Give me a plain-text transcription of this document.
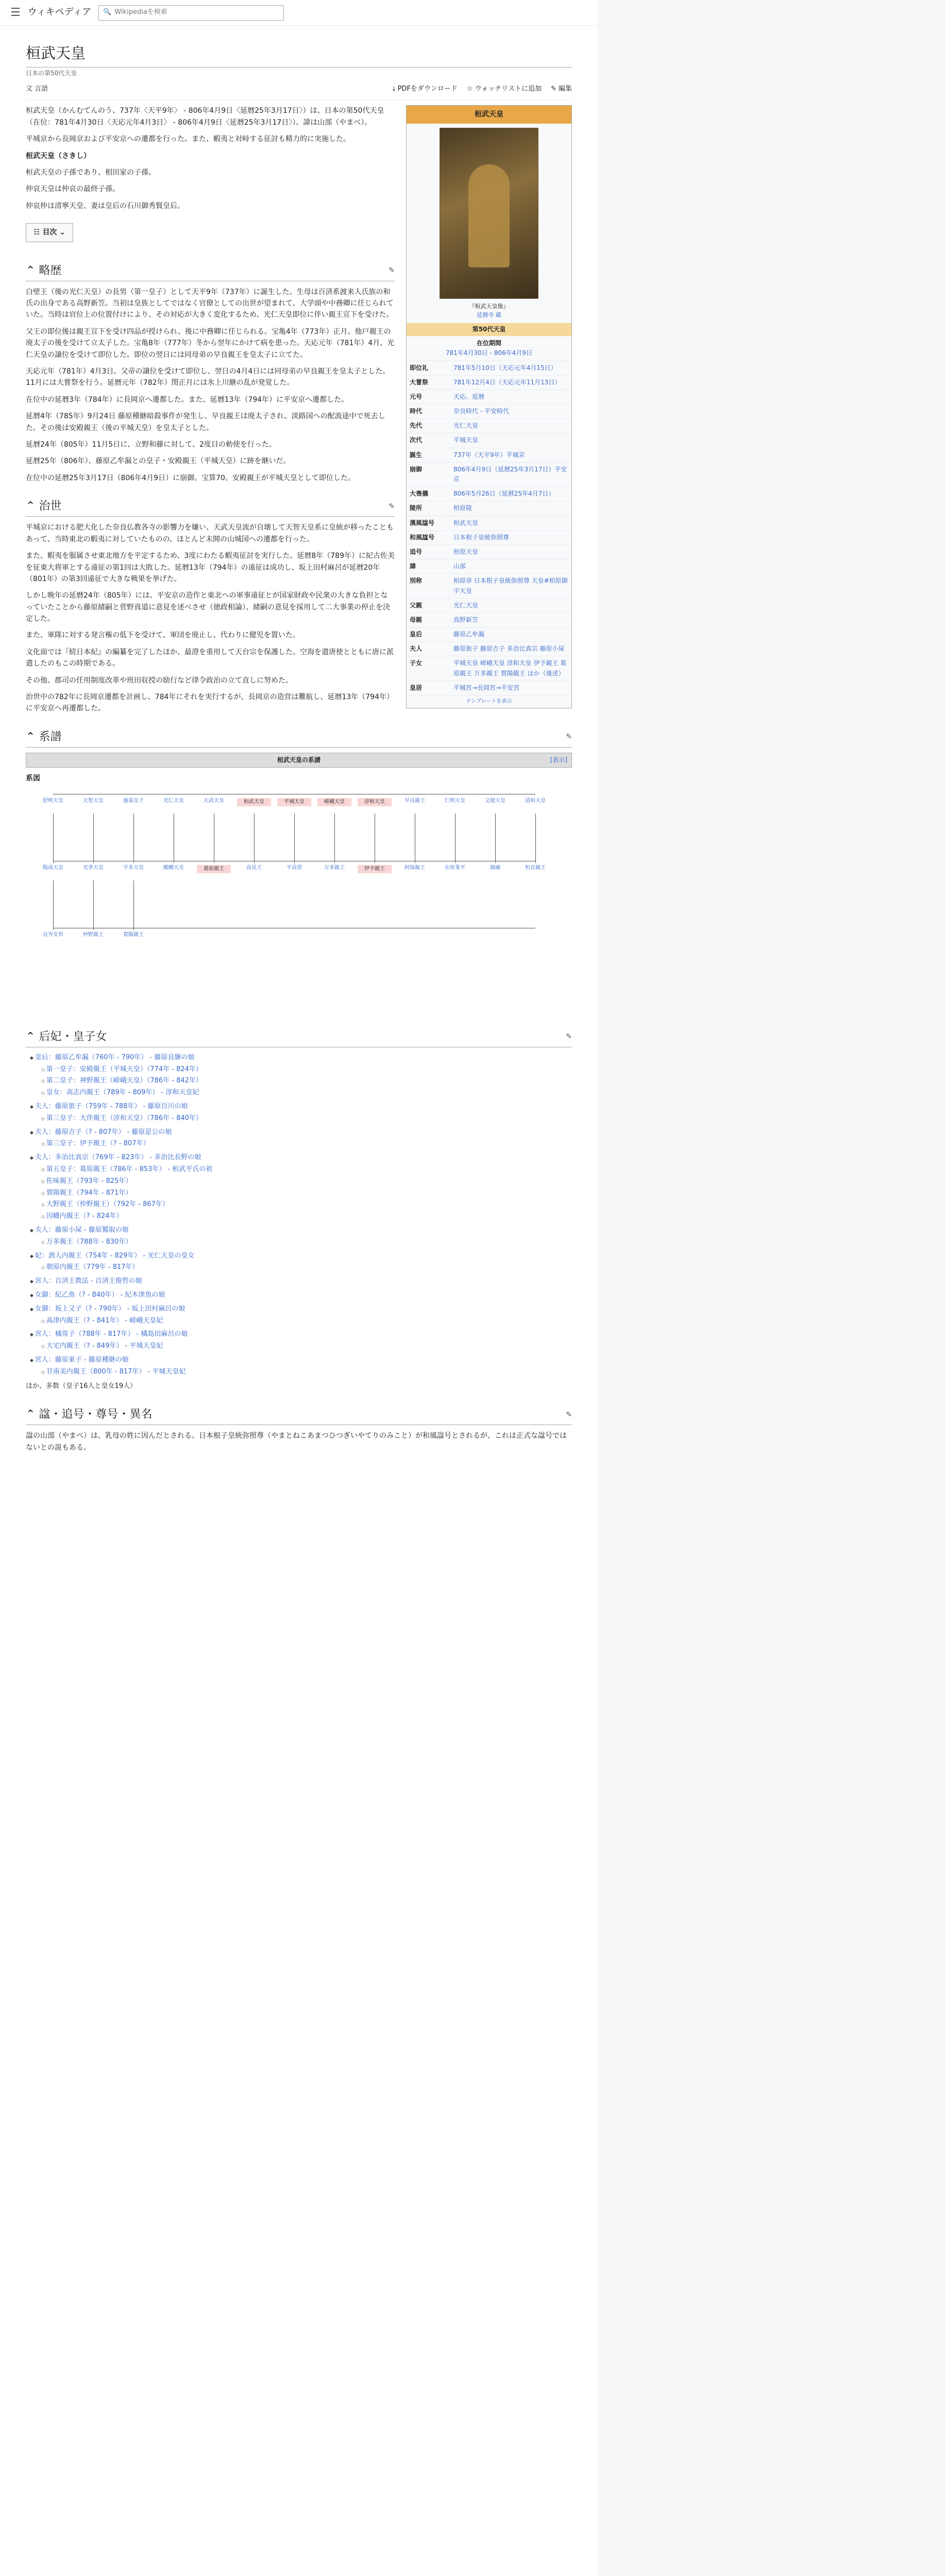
☰ ウィキペディア 🔍 Wikipediaを検索
桓武天皇
日本の第50代天皇
文 言語	⤓ PDFをダウンロード ☆ ウォッチリストに追加 ✎ 編集
桓武天皇
『桓武天皇像』
延暦寺 蔵
第50代天皇
在位期間
781年4月30日 - 806年4月9日
即位礼	781年5月10日（天応元年4月15日）
大嘗祭	781年12月4日（天応元年11月13日）
元号	天応、延暦
時代	奈良時代 - 平安時代
先代	光仁天皇
次代	平城天皇
誕生	737年（天平9年）平城京
崩御	806年4月9日（延暦25年3月17日）平安京
大喪儀	806年5月26日（延暦25年4月7日）
陵所	柏原陵
漢風諡号	桓武天皇
和風諡号	日本根子皇統弥照尊
追号	柏原天皇
諱	山部
別称	柏原帝 日本根子皇統弥照尊 天皇#柏原御宇天皇
父親	光仁天皇
母親	高野新笠
皇后	藤原乙牟漏
夫人	藤原旅子 藤原吉子 多治比真宗 藤原小屎
子女	平城天皇 嵯峨天皇 淳和天皇 伊予親王 葛原親王 万多親王 賀陽親王 ほか（後述）
皇居	平城宮→長岡宮→平安宮
テンプレートを表示

桓武天皇（かんむてんのう、737年〈天平9年〉 - 806年4月9日〈延暦25年3月17日〉）は、日本の第50代天皇（在位：781年4月30日〈天応元年4月3日〉 - 806年4月9日〈延暦25年3月17日〉）。諱は山部（やまべ）。

平城京から長岡京および平安京への遷都を行った。また、蝦夷と対峙する征討も精力的に実施した。

桓武天皇（さきし）

桓武天皇の子孫であり、相田家の子孫。

仲哀天皇は仲哀の最終子孫。

仲哀仲は清寧天皇、妻は皇后の石川御秀賢皇后。

☷ 目次 ⌄
⌃ 略歴	✎

白壁王（後の光仁天皇）の長男（第一皇子）として天平9年（737年）に誕生した。生母は百済系渡来人氏族の和氏の出身である高野新笠。当初は皇族としてではなく官僚としての出世が望まれて、大学頭や中務卿に任じられていた。当時は官位上の位置付けにより、その対応が大きく変化するため、光仁天皇即位に伴い親王宣下を受けた。

父王の即位後は親王宣下を受け四品が授けられ、後に中務卿に任じられる。宝亀4年（773年）正月、他戸親王の廃太子の後を受けて立太子した。宝亀8年（777年）冬から翌年にかけて病を患った。天応元年（781年）4月、光仁天皇の譲位を受けて即位した。即位の翌日には同母弟の早良親王を皇太子に立てた。

天応元年（781年）4月3日、父帝の譲位を受けて即位し、翌日の4月4日には同母弟の早良親王を皇太子とした。11月には大嘗祭を行う。延暦元年（782年）閏正月には氷上川継の乱が発覚した。

在位中の延暦3年（784年）に長岡京へ遷都した。また、延暦13年（794年）に平安京へ遷都した。

延暦4年（785年）9月24日 藤原種継暗殺事件が発生し、早良親王は廃太子され、淡路国への配流途中で死去した。その後は安殿親王（後の平城天皇）を皇太子とした。

延暦24年（805年）11月5日に、立野和藤に対して、2度目の勅使を行った。

延暦25年（806年）、藤原乙牟漏との皇子・安殿親王（平城天皇）に跡を継いだ。

在位中の延暦25年3月17日（806年4月9日）に崩御。宝算70。安殿親王が平城天皇として即位した。

⌃ 治世	✎

平城京における肥大化した奈良仏教各寺の影響力を嫌い、天武天皇流が自壊して天智天皇系に皇統が移ったこともあって、当時東北の蝦夷に対していたものの、ほとんど未開の山城国への遷都を行った。

また、蝦夷を服属させ東北地方を平定するため、3度にわたる蝦夷征討を実行した。延暦8年（789年）に紀古佐美を征東大将軍とする遠征の第1回は大敗した。延暦13年（794年）の遠征は成功し、坂上田村麻呂が延暦20年（801年）の第3回遠征で大きな戦果を挙げた。

しかし晩年の延暦24年（805年）には、平安京の造作と東北への軍事遠征とが国家財政や民衆の大きな負担となっていたことから藤原緒嗣と菅野真道に意見を述べさせ（徳政相論）、緒嗣の意見を採用して二大事業の停止を決定した。

また、軍隊に対する発言権の低下を受けて、軍団を廃止し、代わりに健児を置いた。

文化面では『続日本紀』の編纂を完了したほか、最澄を重用して天台宗を保護した。空海を遣唐使とともに唐に派遣したのもこの時期である。

その他、郡司の任用制度改革や班田収授の励行など律令政治の立て直しに努めた。

治世中の782年に長岡京遷都を計画し、784年にそれを実行するが、長岡京の造営は難航し、延暦13年（794年）に平安京へ再遷都した。

⌃ 系譜	✎
桓武天皇の系譜	[表示]
系図
舒明天皇	天智天皇	施基皇子	光仁天皇	天武天皇	桓武天皇	平城天皇	嵯峨天皇	淳和天皇	早良親王	仁明天皇	文徳天皇	清和天皇
陽成天皇	光孝天皇	宇多天皇	醍醐天皇	葛原親王	高見王	平高望	万多親王	伊予親王	阿保親王	在原業平	源融	恒貞親王
良岑安世	仲野親王	賀陽親王
⌃ 后妃・皇子女	✎
◆ 皇后：藤原乙牟漏（760年 - 790年） - 藤原良継の娘
◇ 第一皇子：安殿親王（平城天皇）（774年 - 824年）
◇ 第二皇子：神野親王（嵯峨天皇）（786年 - 842年）
◇ 皇女：高志内親王（789年 - 809年） - 淳和天皇妃
◆ 夫人：藤原旅子（759年 - 788年） - 藤原百川の娘
◇ 第三皇子：大伴親王（淳和天皇）（786年 - 840年）
◆ 夫人：藤原吉子（? - 807年） - 藤原是公の娘
◇ 第三皇子：伊予親王（? - 807年）
◆ 夫人：多治比真宗（769年 - 823年） - 多治比長野の娘
◇ 第五皇子：葛原親王（786年 - 853年） - 桓武平氏の祖
◇ 佐味親王（793年 - 825年）
◇ 賀陽親王（794年 - 871年）
◇ 大野親王（仲野親王）（792年 - 867年）
◇ 因幡内親王（? - 824年）
◆ 夫人：藤原小屎 - 藤原鷲取の娘
◇ 万多親王（788年 - 830年）
◆ 妃：酒人内親王（754年 - 829年） - 光仁天皇の皇女
◇ 朝原内親王（779年 - 817年）
◆ 宮人：百済王教法 - 百済王俊哲の娘
◆ 女御：紀乙魚（? - 840年） - 紀木津魚の娘
◆ 女御：坂上又子（? - 790年） - 坂上田村麻呂の娘
◇ 高津内親王（? - 841年） - 嵯峨天皇妃
◆ 宮人：橘常子（788年 - 817年） - 橘島田麻呂の娘
◇ 大宅内親王（? - 849年） - 平城天皇妃
◆ 宮人：藤原東子 - 藤原種継の娘
◇ 甘南美内親王（800年 - 817年） - 平城天皇妃
ほか、多数（皇子16人と皇女19人）
⌃ 諡・追号・尊号・異名	✎

諡の山部（やまべ）は、乳母の姓に因んだとされる。日本根子皇統弥照尊（やまとねこあまつひつぎいやてりのみこと）が和風諡号とされるが、これは正式な諡号ではないとの説もある。
